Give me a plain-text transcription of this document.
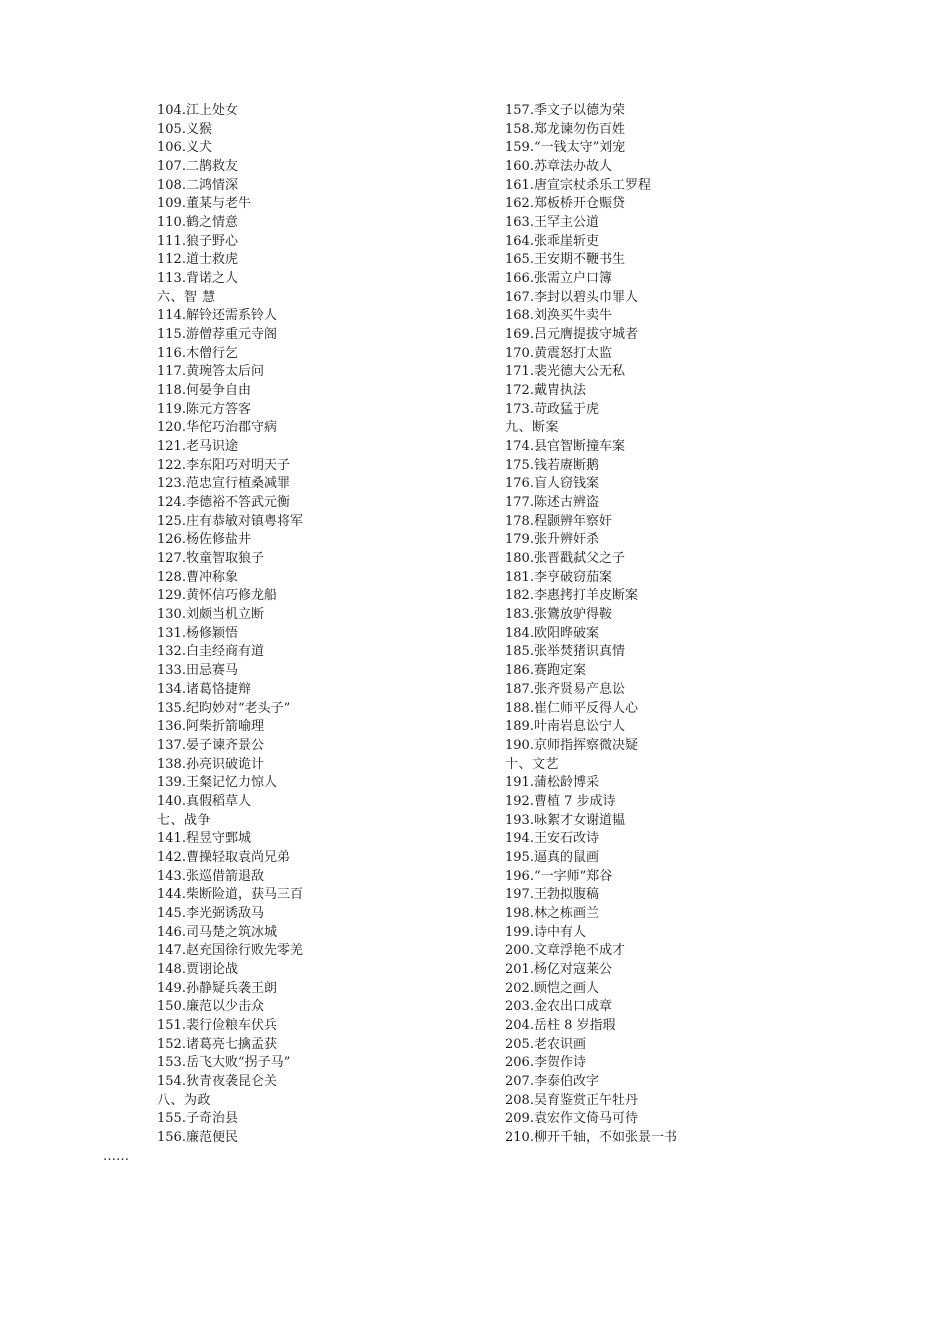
104.江上处女
105.义猴
106.义犬
107.二鹊救友
108.二鸿情深
109.董某与老牛
110.鹤之情意
111.狼子野心
112.道士救虎
113.背诺之人
六、智 慧
114.解铃还需系铃人
115.游僧荐重元寺阁
116.木僧行乞
117.黄琬答太后问
118.何晏争自由
119.陈元方答客
120.华佗巧治郡守病
121.老马识途
122.李东阳巧对明天子
123.范忠宣行植桑减罪
124.李德裕不答武元衡
125.庄有恭敏对镇粤将军
126.杨佐修盐井
127.牧童智取狼子
128.曹冲称象
129.黄怀信巧修龙船
130.刘颇当机立断
131.杨修颖悟
132.白圭经商有道
133.田忌赛马
134.诸葛恪捷辩
135.纪昀妙对“老头子”
136.阿柴折箭喻理
137.晏子谏齐景公
138.孙亮识破诡计
139.王粲记忆力惊人
140.真假稻草人
七、战争
141.程昱守鄄城
142.曹操轻取袁尚兄弟
143.张巡借箭退敌
144.柴断险道，获马三百
145.李光弼诱敌马
146.司马楚之筑冰城
147.赵充国徐行败先零羌
148.贾诩论战
149.孙静疑兵袭王朗
150.廉范以少击众
151.裴行俭粮车伏兵
152.诸葛亮七擒孟获
153.岳飞大败“拐子马”
154.狄青夜袭昆仑关
八、为政
155.子奇治县
156.廉范便民
157.季文子以德为荣
158.郑龙谏勿伤百姓
159.“一钱太守”刘宠
160.苏章法办故人
161.唐宣宗杖杀乐工罗程
162.郑板桥开仓赈贷
163.王罕主公道
164.张乖崖斩吏
165.王安期不鞭书生
166.张需立户口簿
167.李封以碧头巾罪人
168.刘涣买牛卖牛
169.吕元膺提拔守城者
170.黄震怒打太监
171.裴光德大公无私
172.戴胄执法
173.苛政猛于虎
九、断案
174.县官智断撞车案
175.钱若赓断鹅
176.盲人窃钱案
177.陈述古辨盗
178.程颢辨年察奸
179.张升辨奸杀
180.张晋戳弑父之子
181.李亨破窃茄案
182.李惠拷打羊皮断案
183.张鷟放驴得鞍
184.欧阳晔破案
185.张举焚猪识真情
186.赛跑定案
187.张齐贤易产息讼
188.崔仁师平反得人心
189.叶南岩息讼宁人
190.京师指挥察微决疑
十、文艺
191.蒲松龄博采
192.曹植 7 步成诗
193.咏絮才女谢道韫
194.王安石改诗
195.逼真的鼠画
196.“一字师”郑谷
197.王勃拟腹稿
198.林之栋画兰
199.诗中有人
200.文章浮艳不成才
201.杨亿对寇莱公
202.顾恺之画人
203.金农出口成章
204.岳柱 8 岁指瑕
205.老农识画
206.李贺作诗
207.李泰伯改字
208.吴育鉴赏正午牡丹
209.袁宏作文倚马可待
210.柳开千轴，不如张景一书
……
